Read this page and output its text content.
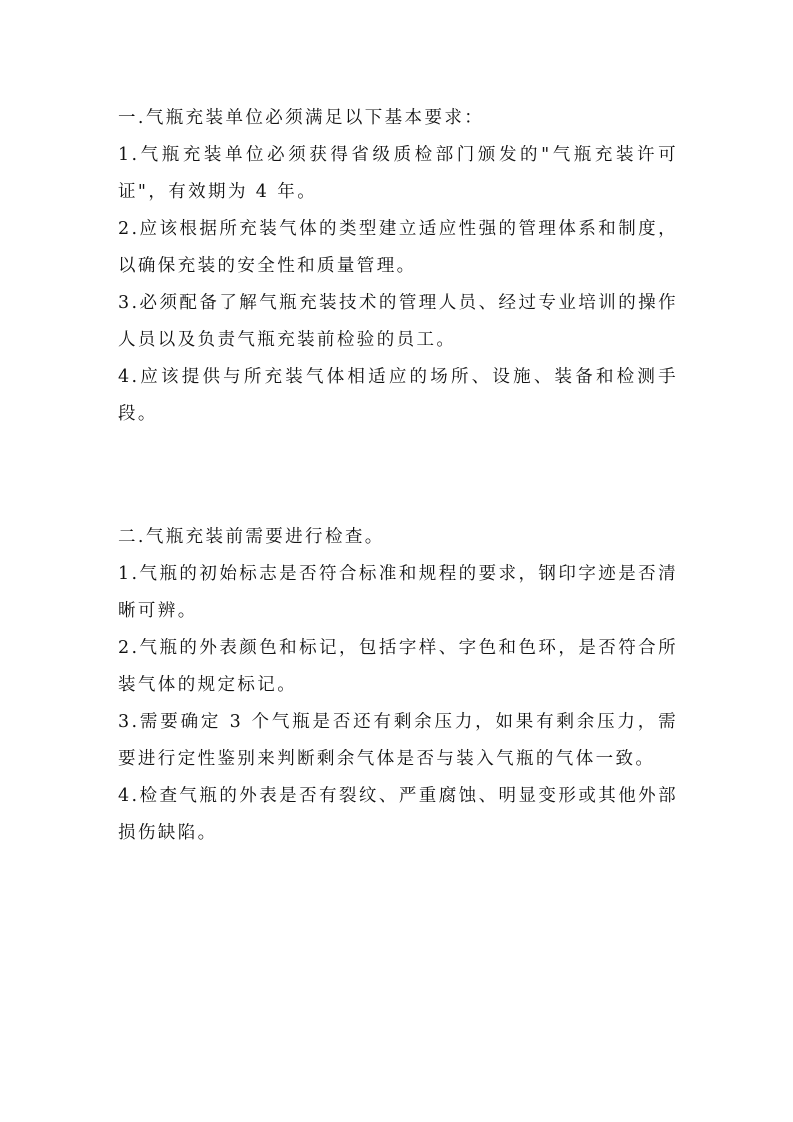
一.气瓶充装单位必须满足以下基本要求：

1.气瓶充装单位必须获得省级质检部门颁发的"气瓶充装许可证"，有效期为 4 年。

2.应该根据所充装气体的类型建立适应性强的管理体系和制度，以确保充装的安全性和质量管理。

3.必须配备了解气瓶充装技术的管理人员、经过专业培训的操作人员以及负责气瓶充装前检验的员工。

4.应该提供与所充装气体相适应的场所、设施、装备和检测手段。

二.气瓶充装前需要进行检查。

1.气瓶的初始标志是否符合标准和规程的要求，钢印字迹是否清晰可辨。

2.气瓶的外表颜色和标记，包括字样、字色和色环，是否符合所装气体的规定标记。

3.需要确定 3 个气瓶是否还有剩余压力，如果有剩余压力，需要进行定性鉴别来判断剩余气体是否与装入气瓶的气体一致。

4.检查气瓶的外表是否有裂纹、严重腐蚀、明显变形或其他外部损伤缺陷。
